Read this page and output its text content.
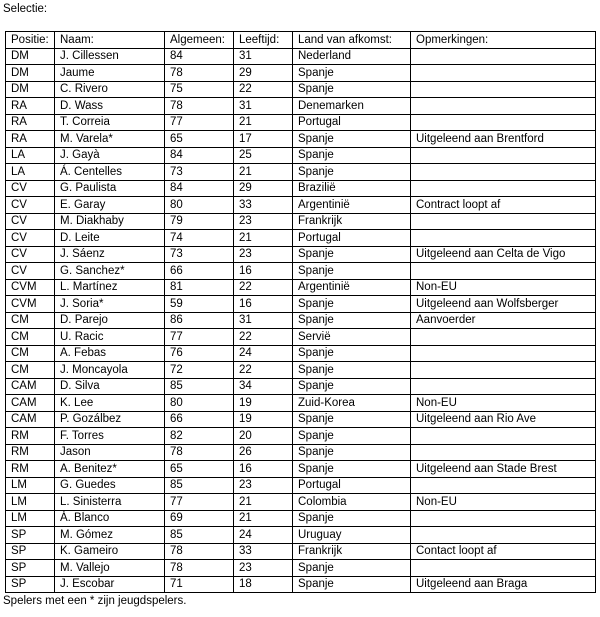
Selectie:
Positie:	Naam:	Algemeen:	Leeftijd:	Land van afkomst:	Opmerkingen:
DM	J. Cillessen	84	31	Nederland	
DM	Jaume	78	29	Spanje	
DM	C. Rivero	75	22	Spanje	
RA	D. Wass	78	31	Denemarken	
RA	T. Correia	77	21	Portugal	
RA	M. Varela*	65	17	Spanje	Uitgeleend aan Brentford
LA	J. Gayà	84	25	Spanje	
LA	Á. Centelles	73	21	Spanje	
CV	G. Paulista	84	29	Brazilië	
CV	E. Garay	80	33	Argentinië	Contract loopt af
CV	M. Diakhaby	79	23	Frankrijk	
CV	D. Leite	74	21	Portugal	
CV	J. Sáenz	73	23	Spanje	Uitgeleend aan Celta de Vigo
CV	G. Sanchez*	66	16	Spanje	
CVM	L. Martínez	81	22	Argentinië	Non-EU
CVM	J. Soria*	59	16	Spanje	Uitgeleend aan Wolfsberger
CM	D. Parejo	86	31	Spanje	Aanvoerder
CM	U. Racic	77	22	Servië	
CM	A. Febas	76	24	Spanje	
CM	J. Moncayola	72	22	Spanje	
CAM	D. Silva	85	34	Spanje	
CAM	K. Lee	80	19	Zuid-Korea	Non-EU
CAM	P. Gozálbez	66	19	Spanje	Uitgeleend aan Rio Ave
RM	F. Torres	82	20	Spanje	
RM	Jason	78	26	Spanje	
RM	A. Benitez*	65	16	Spanje	Uitgeleend aan Stade Brest
LM	G. Guedes	85	23	Portugal	
LM	L. Sinisterra	77	21	Colombia	Non-EU
LM	Á. Blanco	69	21	Spanje	
SP	M. Gómez	85	24	Uruguay	
SP	K. Gameiro	78	33	Frankrijk	Contact loopt af
SP	M. Vallejo	78	23	Spanje	
SP	J. Escobar	71	18	Spanje	Uitgeleend aan Braga
Spelers met een * zijn jeugdspelers.
